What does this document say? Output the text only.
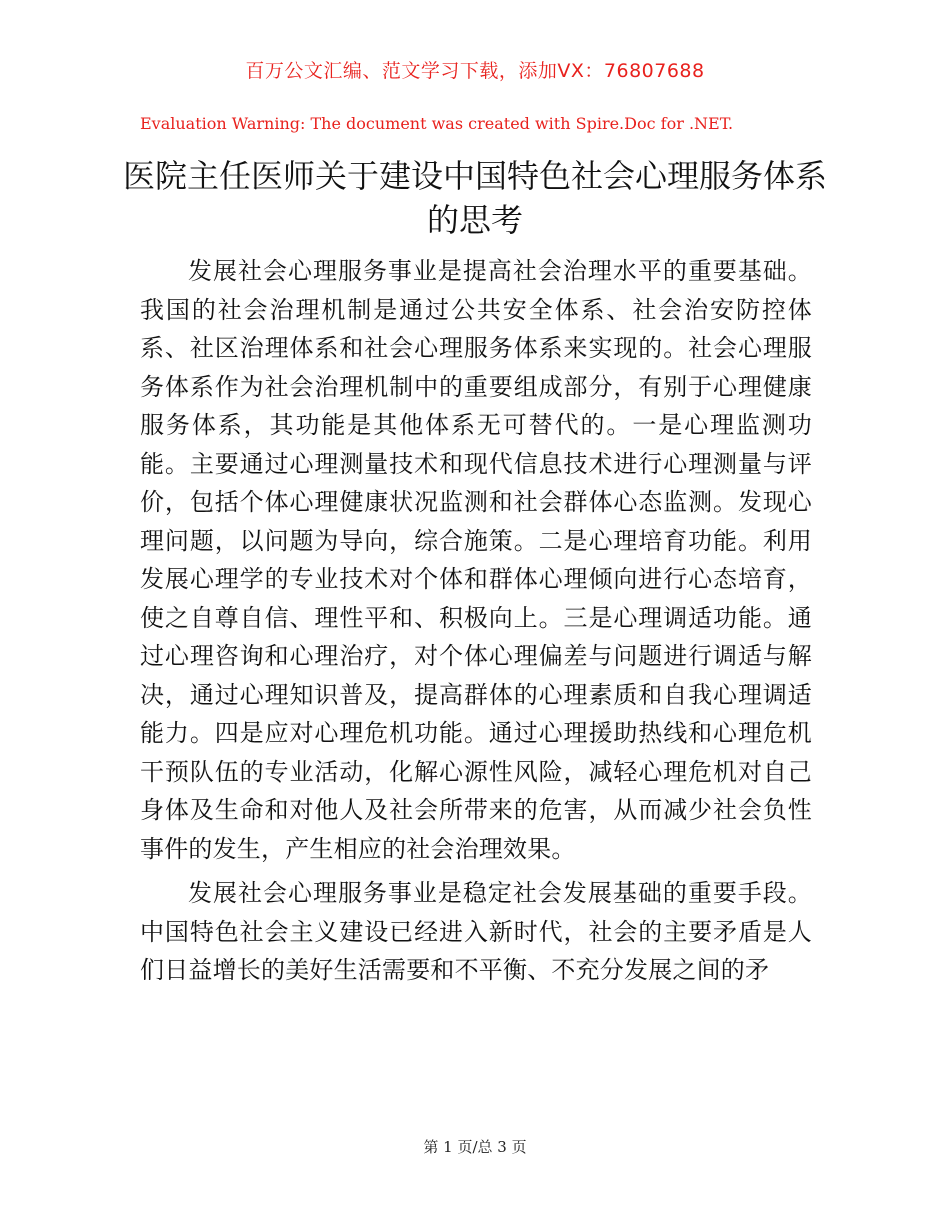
百万公文汇编、范文学习下载，添加VX：76807688
Evaluation Warning: The document was created with Spire.Doc for .NET.
医院主任医师关于建设中国特色社会心理服务体系的思考

发展社会心理服务事业是提高社会治理水平的重要基础。我国的社会治理机制是通过公共安全体系、社会治安防控体系、社区治理体系和社会心理服务体系来实现的。社会心理服务体系作为社会治理机制中的重要组成部分，有别于心理健康服务体系，其功能是其他体系无可替代的。一是心理监测功能。主要通过心理测量技术和现代信息技术进行心理测量与评价，包括个体心理健康状况监测和社会群体心态监测。发现心理问题，以问题为导向，综合施策。二是心理培育功能。利用发展心理学的专业技术对个体和群体心理倾向进行心态培育，使之自尊自信、理性平和、积极向上。三是心理调适功能。通过心理咨询和心理治疗，对个体心理偏差与问题进行调适与解决，通过心理知识普及，提高群体的心理素质和自我心理调适能力。四是应对心理危机功能。通过心理援助热线和心理危机干预队伍的专业活动，化解心源性风险，减轻心理危机对自己身体及生命和对他人及社会所带来的危害，从而减少社会负性事件的发生，产生相应的社会治理效果。

发展社会心理服务事业是稳定社会发展基础的重要手段。中国特色社会主义建设已经进入新时代，社会的主要矛盾是人们日益增长的美好生活需要和不平衡、不充分发展之间的矛

第 1 页/总 3 页
